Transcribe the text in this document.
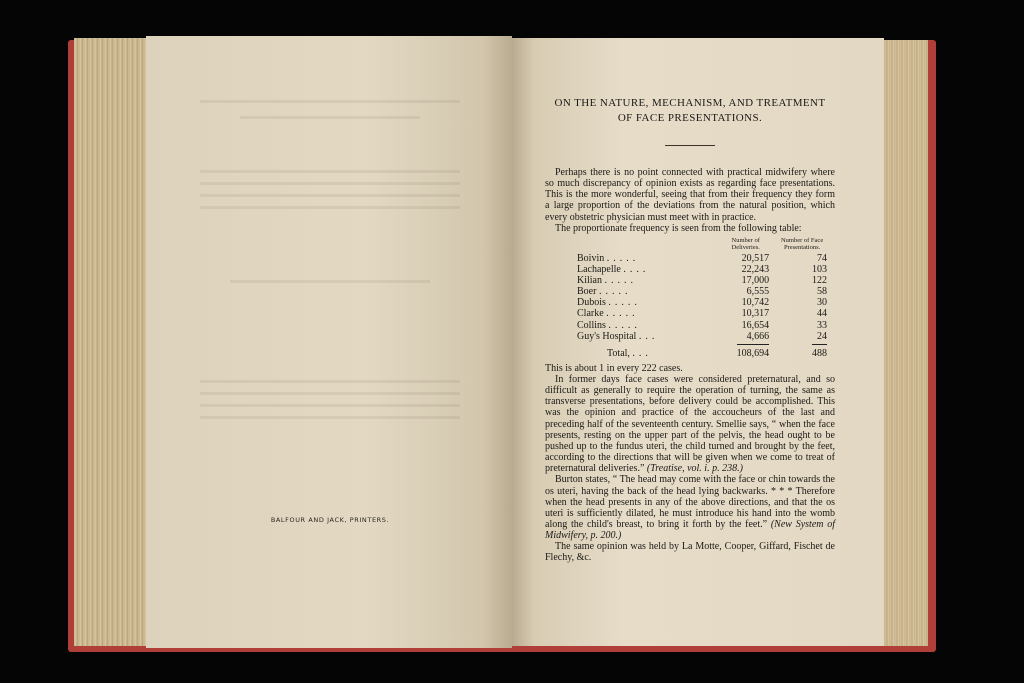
BALFOUR AND JACK, PRINTERS.
ON THE NATURE, MECHANISM, AND TREATMENT
OF FACE PRESENTATIONS.

Perhaps there is no point connected with practical midwifery where so much discrepancy of opinion exists as regarding face presentations. This is the more wonderful, seeing that from their frequency they form a large proportion of the deviations from the natural position, which every obstetric physician must meet with in practice.

The proportionate frequency is seen from the following table:

	Number of Deliveries.	Number of Face Presentations.
Boivin .....	20,517	74
Lachapelle ....	22,243	103
Kilian .....	17,000	122
Boer .....	6,555	58
Dubois .....	10,742	30
Clarke .....	10,317	44
Collins .....	16,654	33
Guy's Hospital ...	4,666	24
Total, ...	108,694	488

This is about 1 in every 222 cases.

In former days face cases were considered preternatural, and so difficult as generally to require the operation of turning, the same as transverse presentations, before delivery could be accomplished. This was the opinion and practice of the accoucheurs of the last and preceding half of the seventeenth century. Smellie says, “ when the face presents, resting on the upper part of the pelvis, the head ought to be pushed up to the fundus uteri, the child turned and brought by the feet, according to the directions that will be given when we come to treat of preternatural deliveries.” (Treatise, vol. i. p. 238.)

Burton states, “ The head may come with the face or chin towards the os uteri, having the back of the head lying backwarks. * * * Therefore when the head presents in any of the above directions, and that the os uteri is sufficiently dilated, he must introduce his hand into the womb along the child's breast, to bring it forth by the feet.” (New System of Midwifery, p. 200.)

The same opinion was held by La Motte, Cooper, Giffard, Fischet de Flechy, &c.
